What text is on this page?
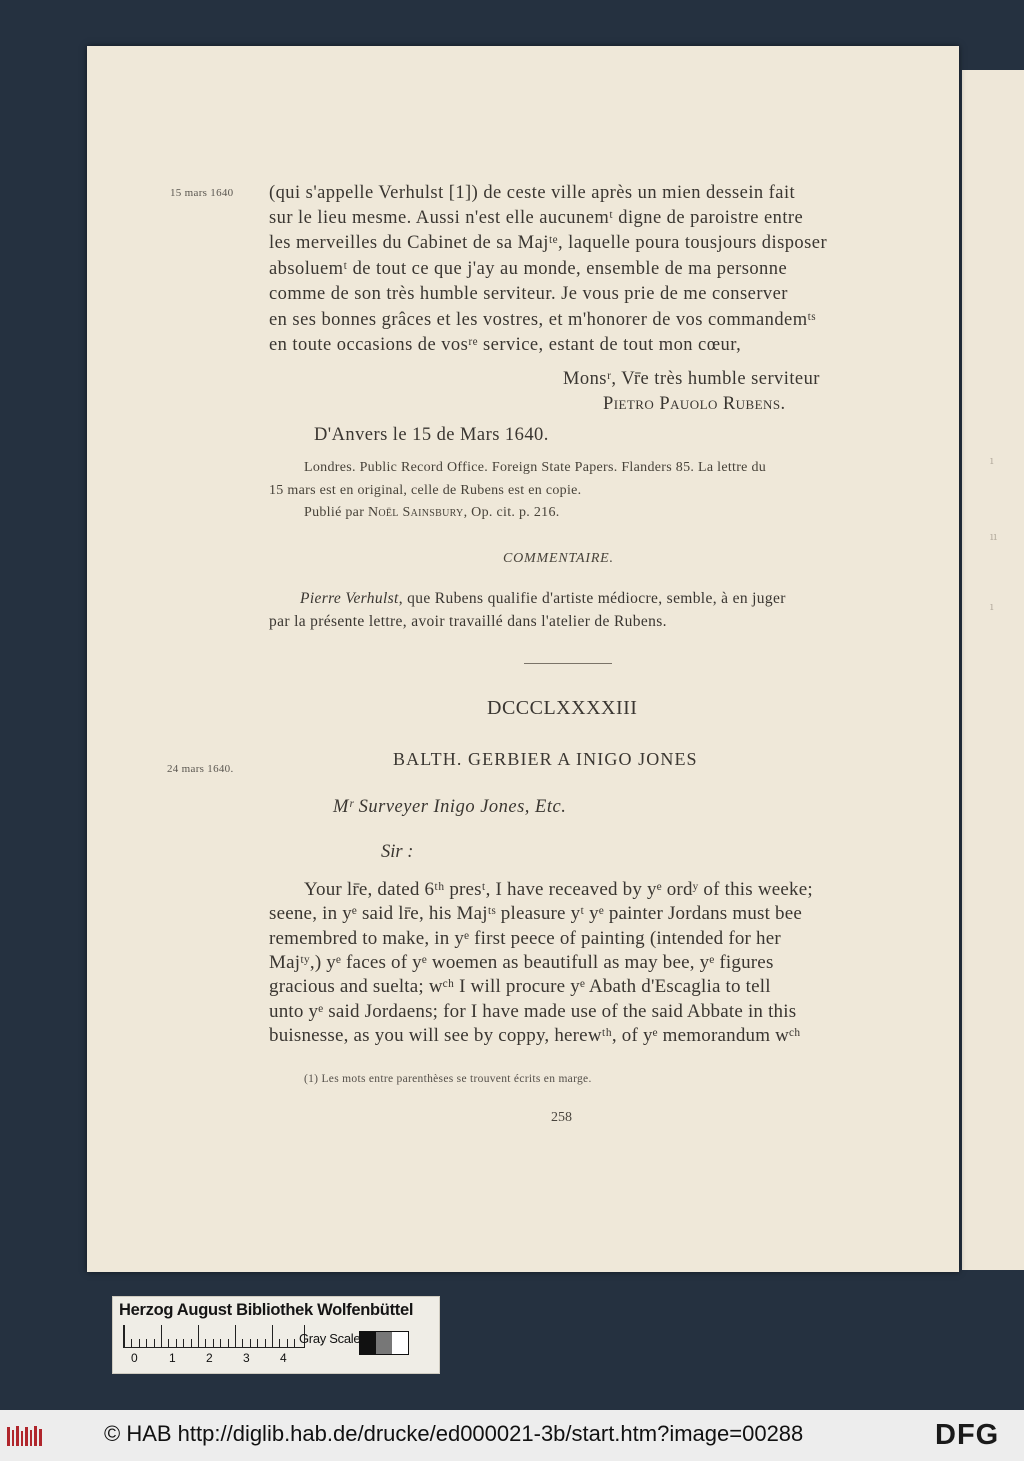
ı
ıı
ı
15 mars 1640 (qui s'appelle Verhulst [1]) de ceste ville après un mien dessein fait
sur le lieu mesme. Aussi n'est elle aucunemᵗ digne de paroistre entre
les merveilles du Cabinet de sa Majᵗᵉ, laquelle poura tousjours disposer
absoluemᵗ de tout ce que j'ay au monde, ensemble de ma personne
comme de son très humble serviteur. Je vous prie de me conserver
en ses bonnes grâces et les vostres, et m'honorer de vos commandemᵗˢ
en toute occasions de vosʳᵉ service, estant de tout mon cœur,
Monsʳ, Vr̄e très humble serviteur
Pietro Pauolo Rubens.
D'Anvers le 15 de Mars 1640.
Londres. Public Record Office. Foreign State Papers. Flanders 85. La lettre du
15 mars est en original, celle de Rubens est en copie.
Publié par Noël Sainsbury, Op. cit. p. 216.
COMMENTAIRE.
Pierre Verhulst, que Rubens qualifie d'artiste médiocre, semble, à en juger
par la présente lettre, avoir travaillé dans l'atelier de Rubens.
DCCCLXXXXIII
24 mars 1640.	BALTH. GERBIER A INIGO JONES
Mʳ Surveyer Inigo Jones, Etc.
Sir :
Your lr̄e, dated 6ᵗʰ presᵗ, I have receaved by yᵉ ordʸ of this weeke;
seene, in yᵉ said lr̄e, his Majᵗˢ pleasure yᵗ yᵉ painter Jordans must bee
remembred to make, in yᵉ first peece of painting (intended for her
Majᵗʸ,) yᵉ faces of yᵉ woemen as beautifull as may bee, yᵉ figures
gracious and suelta; wᶜʰ I will procure yᵉ Abath d'Escaglia to tell
unto yᵉ said Jordaens; for I have made use of the said Abbate in this
buisnesse, as you will see by coppy, herewᵗʰ, of yᵉ memorandum wᶜʰ
(1) Les mots entre parenthèses se trouvent écrits en marge.
258
Herzog August Bibliothek Wolfenbüttel
0	1	2	3	4
Gray Scale
© HAB http://diglib.hab.de/drucke/ed000021-3b/start.htm?image=00288	DFG
